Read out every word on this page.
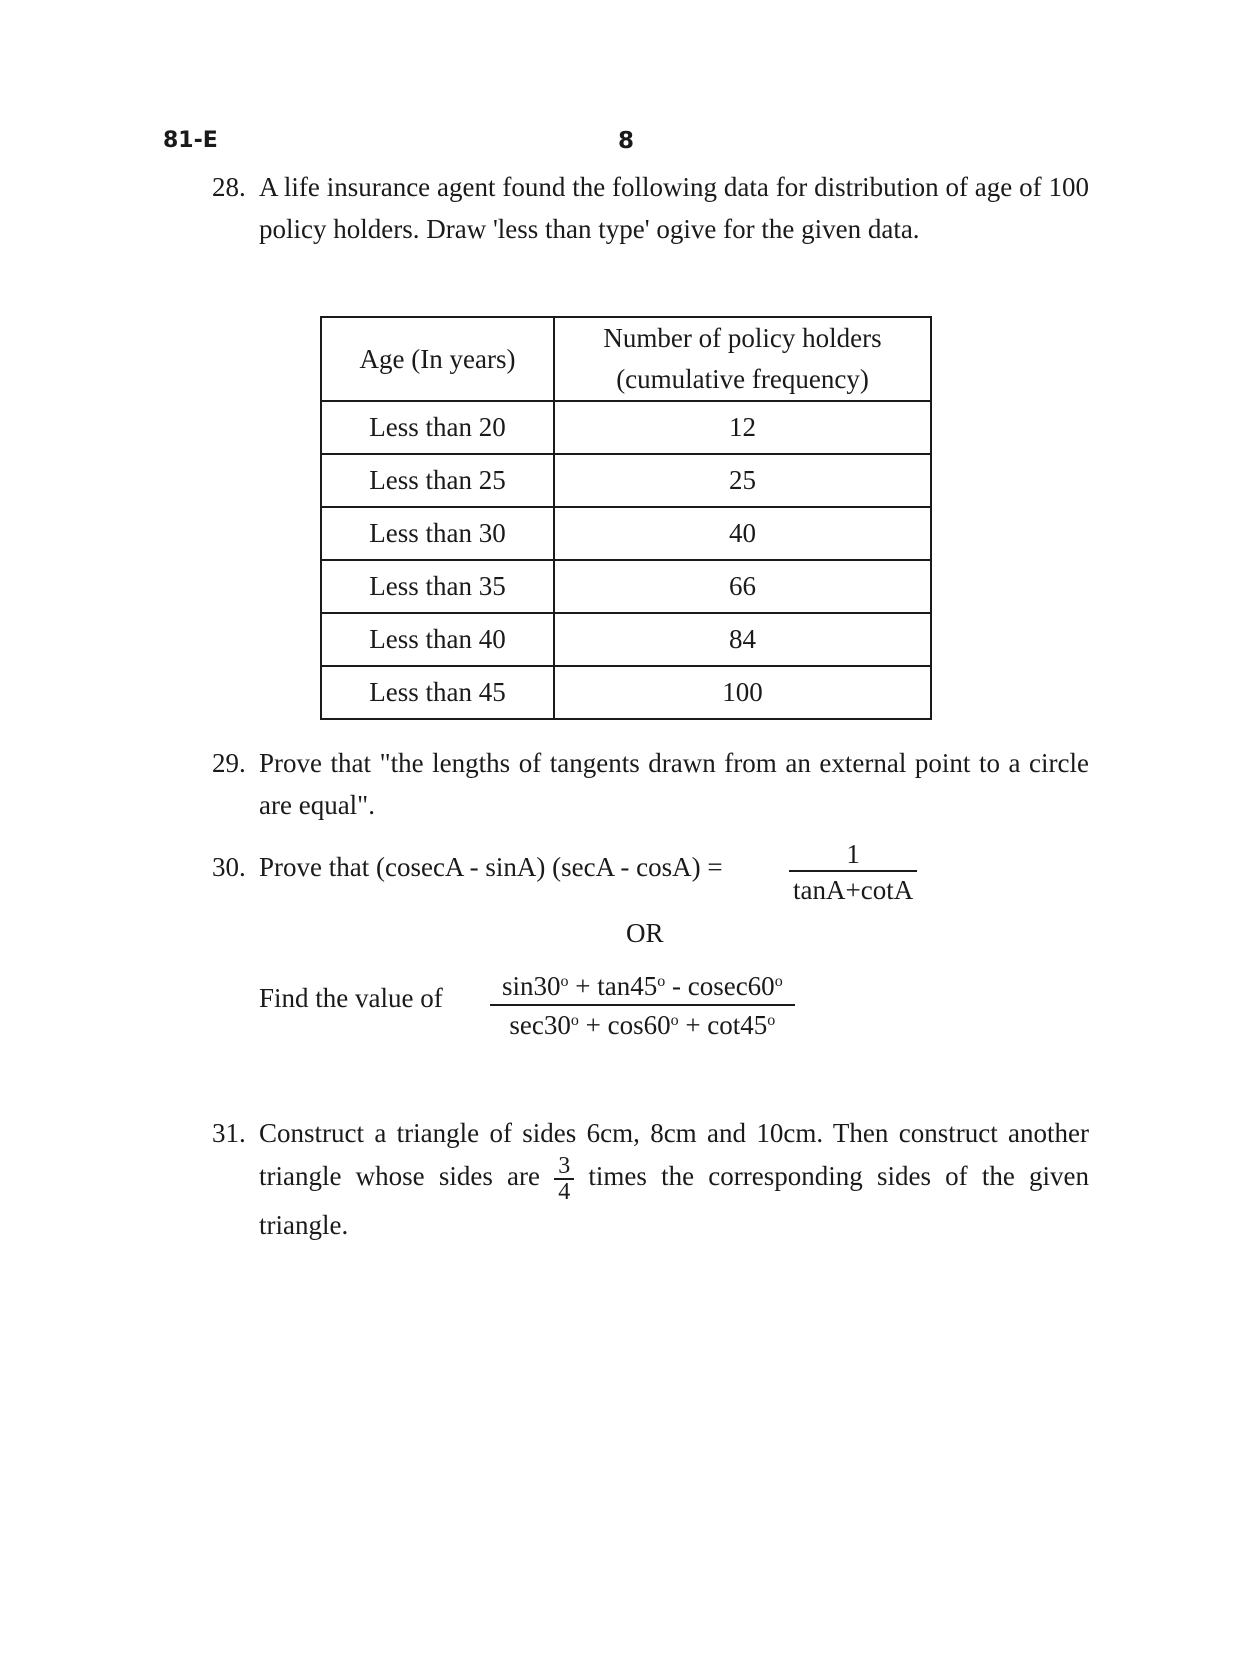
81-E	8
28. A life insurance agent found the following data for distribution of age of 100 policy holders. Draw 'less than type' ogive for the given data.
Age (In years)	Number of policy holders
(cumulative frequency)
Less than 20	12
Less than 25	25
Less than 30	40
Less than 35	66
Less than 40	84
Less than 45	100
29. Prove that "the lengths of tangents drawn from an external point to a circle are equal".
30. Prove that (cosecA - sinA) $(\sec A - \cos A) = \frac{1}{\tan A+\cot A}$
OR
Find the value of $\frac{\sin 30^o + \tan 45^o - cosec60^o}{\sec 30^o + \cos 60^o + \cot 45^o}$
31. Construct a triangle of sides 6cm, 8cm and 10cm. Then construct another triangle whose sides are $\frac{3}{4}$ times the corresponding sides of the given triangle.
